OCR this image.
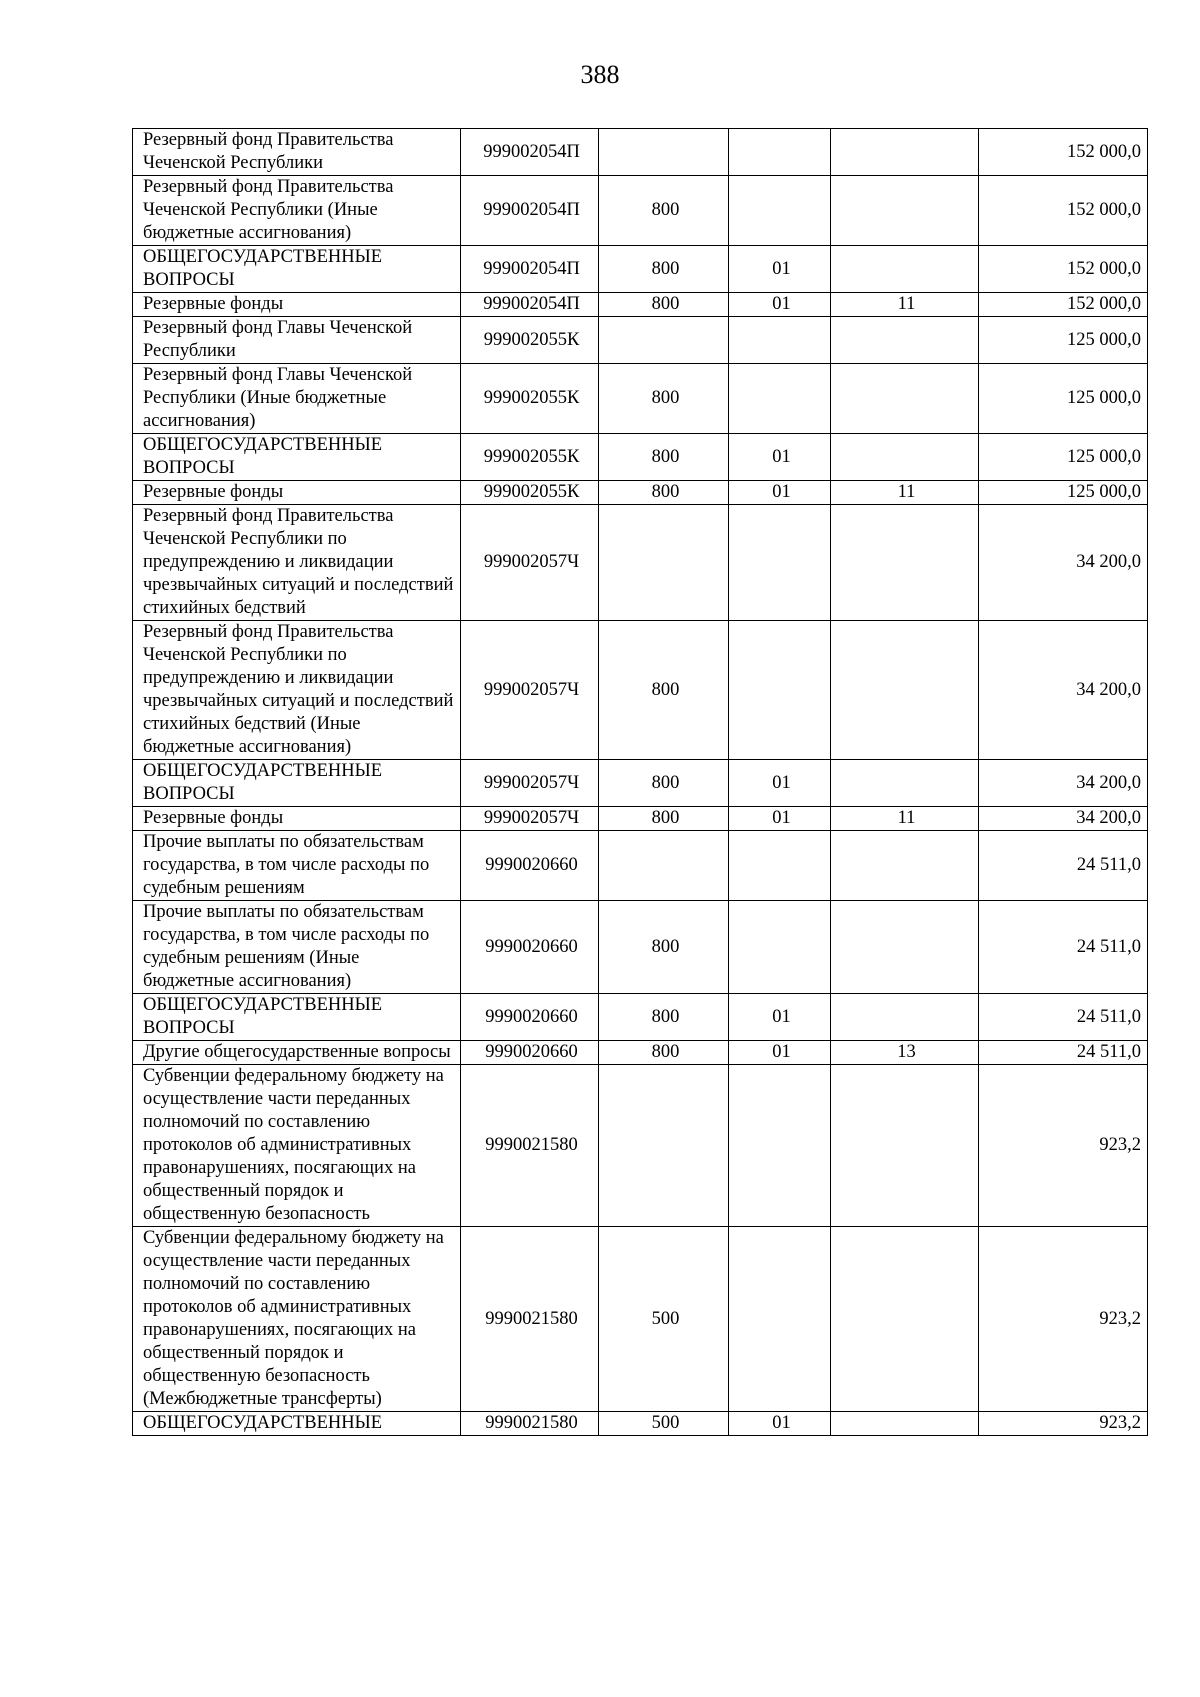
388
Резервный фонд Правительства Чеченской Республики	999002054П				152 000,0
Резервный фонд Правительства Чеченской Республики (Иные бюджетные ассигнования)	999002054П	800			152 000,0
ОБЩЕГОСУДАРСТВЕННЫЕ ВОПРОСЫ	999002054П	800	01		152 000,0
Резервные фонды	999002054П	800	01	11	152 000,0
Резервный фонд Главы Чеченской Республики	999002055К				125 000,0
Резервный фонд Главы Чеченской Республики (Иные бюджетные ассигнования)	999002055К	800			125 000,0
ОБЩЕГОСУДАРСТВЕННЫЕ ВОПРОСЫ	999002055К	800	01		125 000,0
Резервные фонды	999002055К	800	01	11	125 000,0
Резервный фонд Правительства Чеченской Республики по предупреждению и ликвидации чрезвычайных ситуаций и последствий стихийных бедствий	999002057Ч				34 200,0
Резервный фонд Правительства Чеченской Республики по предупреждению и ликвидации чрезвычайных ситуаций и последствий стихийных бедствий (Иные бюджетные ассигнования)	999002057Ч	800			34 200,0
ОБЩЕГОСУДАРСТВЕННЫЕ ВОПРОСЫ	999002057Ч	800	01		34 200,0
Резервные фонды	999002057Ч	800	01	11	34 200,0
Прочие выплаты по обязательствам государства, в том числе расходы по судебным решениям	9990020660				24 511,0
Прочие выплаты по обязательствам государства, в том числе расходы по судебным решениям (Иные бюджетные ассигнования)	9990020660	800			24 511,0
ОБЩЕГОСУДАРСТВЕННЫЕ ВОПРОСЫ	9990020660	800	01		24 511,0
Другие общегосударственные вопросы	9990020660	800	01	13	24 511,0
Субвенции федеральному бюджету на осуществление части переданных полномочий по составлению протоколов об административных правонарушениях, посягающих на общественный порядок и общественную безопасность	9990021580				923,2
Субвенции федеральному бюджету на осуществление части переданных полномочий по составлению протоколов об административных правонарушениях, посягающих на общественный порядок и общественную безопасность (Межбюджетные трансферты)	9990021580	500			923,2
ОБЩЕГОСУДАРСТВЕННЫЕ	9990021580	500	01		923,2
